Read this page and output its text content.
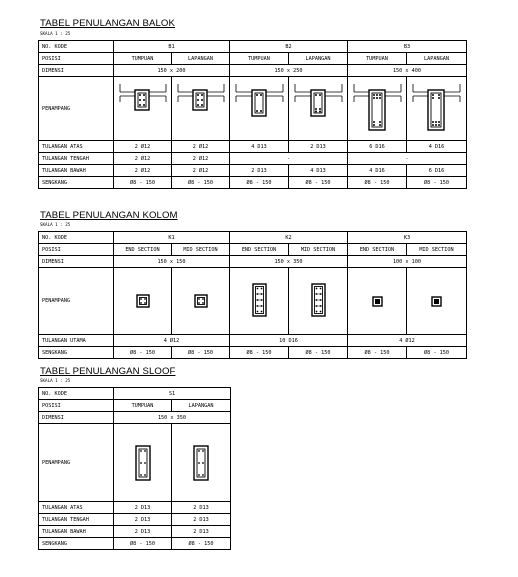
TABEL PENULANGAN BALOK
SKALA 1 : 25
NO. KODE	B1		B2		B3	
POSISI	TUMPUAN	LAPANGAN	TUMPUAN	LAPANGAN	TUMPUAN	LAPANGAN
DIMENSI	150 x 200		150 x 250		150 x 400	
PENAMPANG	

TULANGAN ATAS	2 Ø12	2 Ø12	4 D13	2 D13	6 D16	4 D16
TULANGAN TENGAH	2 Ø12	2 Ø12	-		-	
TULANGAN BAWAH	2 Ø12	2 Ø12	2 D13	4 D13	4 D16	6 D16
SENGKANG	Ø8 - 150	Ø8 - 150	Ø8 - 150	Ø8 - 150	Ø8 - 150	Ø8 - 150
TABEL PENULANGAN KOLOM
SKALA 1 : 25
NO. KODE	K1		K2		K3	
POSISI	END SECTION	MID SECTION	END SECTION	MID SECTION	END SECTION	MID SECTION
DIMENSI	150 x 150		150 x 350		100 x 100	
PENAMPANG	

TULANGAN UTAMA	4 Ø12		10 D16		4 Ø12	
SENGKANG	Ø8 - 150	Ø8 - 150	Ø8 - 150	Ø8 - 150	Ø8 - 150	Ø8 - 150
TABEL PENULANGAN SLOOF
SKALA 1 : 25
NO. KODE	S1	
POSISI	TUMPUAN	LAPANGAN
DIMENSI	150 x 350	
PENAMPANG	

TULANGAN ATAS	2 D13	2 D13
TULANGAN TENGAH	2 D13	2 D13
TULANGAN BAWAH	2 D13	2 D13
SENGKANG	Ø8 - 150	Ø8 - 150
